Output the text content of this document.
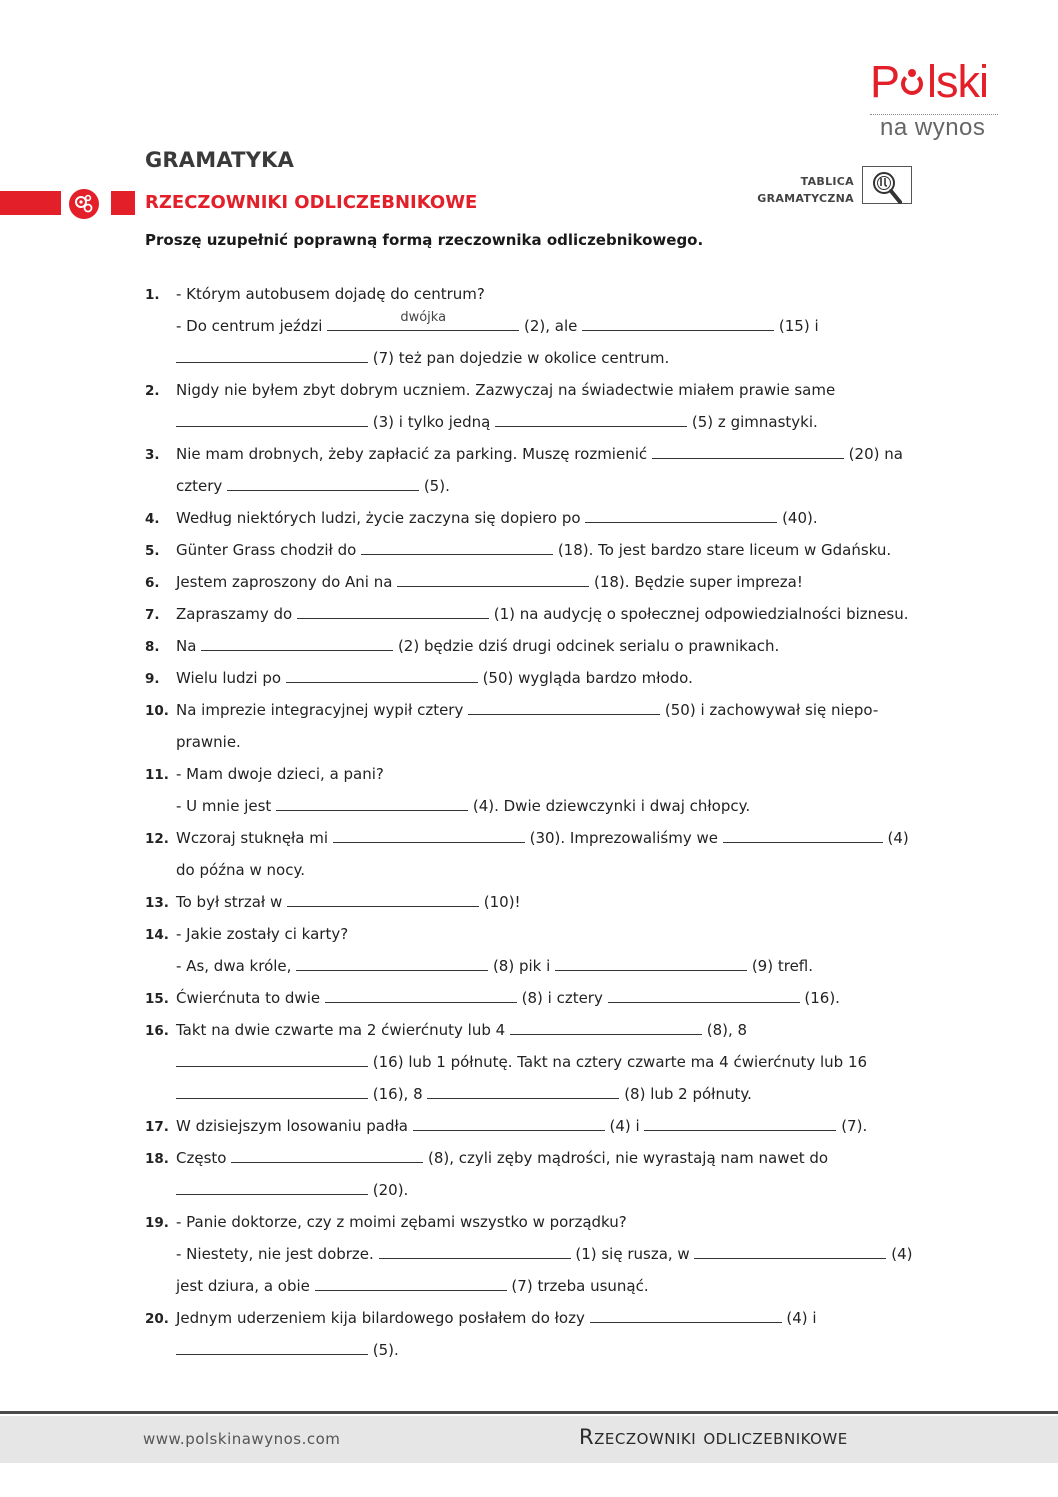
P lski
na wynos
GRAMATYKA
RZECZOWNIKI ODLICZEBNIKOWE
TABLICA
GRAMATYCZNA
Proszę uzupełnić poprawną formą rzeczownika odliczebnikowego.
1. - Którym autobusem dojadę do centrum?
- Do centrum jeździ	dwójka	(2), ale	(15) i
(7) też pan dojedzie w okolice centrum.
2. Nigdy nie byłem zbyt dobrym uczniem. Zazwyczaj na świadectwie miałem prawie same
(3) i tylko jedną	(5) z gimnastyki.
3. Nie mam drobnych, żeby zapłacić za parking. Muszę rozmienić	(20) na
cztery	(5).
4. Według niektórych ludzi, życie zaczyna się dopiero po	(40).
5. Günter Grass chodził do	(18). To jest bardzo stare liceum w Gdańsku.
6. Jestem zaproszony do Ani na	(18). Będzie super impreza!
7. Zapraszamy do	(1) na audycję o społecznej odpowiedzialności biznesu.
8. Na	(2) będzie dziś drugi odcinek serialu o prawnikach.
9. Wielu ludzi po	(50) wygląda bardzo młodo.
10. Na imprezie integracyjnej wypił cztery	(50) i zachowywał się niepo-
prawnie.
11. - Mam dwoje dzieci, a pani?
- U mnie jest	(4). Dwie dziewczynki i dwaj chłopcy.
12. Wczoraj stuknęła mi	(30). Imprezowaliśmy we	(4)
do późna w nocy.
13. To był strzał w	(10)!
14. - Jakie zostały ci karty?
- As, dwa króle,	(8) pik i	(9) trefl.
15. Ćwierćnuta to dwie	(8) i cztery	(16).
16. Takt na dwie czwarte ma 2 ćwierćnuty lub 4	(8), 8
(16) lub 1 półnutę. Takt na cztery czwarte ma 4 ćwierćnuty lub 16
(16), 8	(8) lub 2 półnuty.
17. W dzisiejszym losowaniu padła	(4) i	(7).
18. Często	(8), czyli zęby mądrości, nie wyrastają nam nawet do
(20).
19. - Panie doktorze, czy z moimi zębami wszystko w porządku?
- Niestety, nie jest dobrze.	(1) się rusza, w	(4)
jest dziura, a obie	(7) trzeba usunąć.
20. Jednym uderzeniem kija bilardowego posłałem do łozy	(4) i
(5).
www.polskinawynos.com	Rzeczowniki odliczebnikowe
